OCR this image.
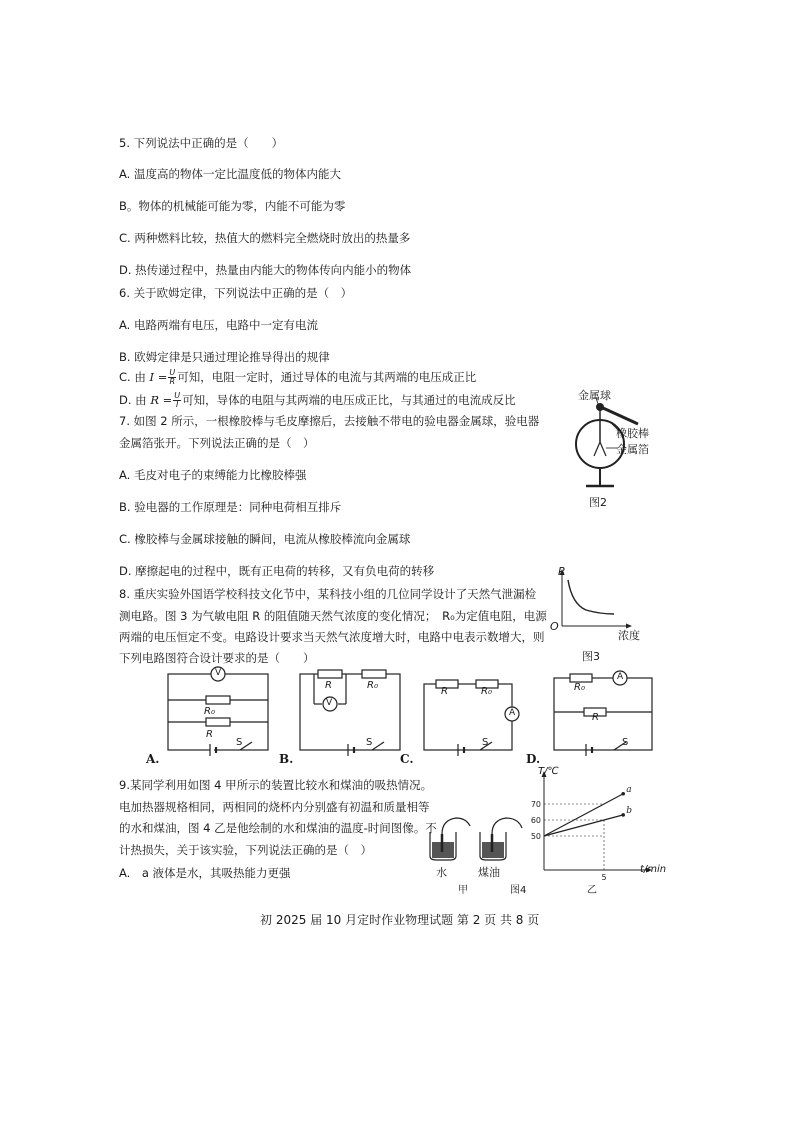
5. 下列说法中正确的是（　　）
A. 温度高的物体一定比温度低的物体内能大
B。物体的机械能可能为零，内能不可能为零
C. 两种燃料比较，热值大的燃料完全燃烧时放出的热量多
D. 热传递过程中，热量由内能大的物体传向内能小的物体
6. 关于欧姆定律，下列说法中正确的是（　）
A. 电路两端有电压，电路中一定有电流
B. 欧姆定律是只通过理论推导得出的规律
C. 由 $I = \frac{U}{R}$ 可知，电阻一定时，通过导体的电流与其两端的电压成正比
D. 由 $R = \frac{U}{I}$ 可知，导体的电阻与其两端的电压成正比，与其通过的电流成反比
7. 如图 2 所示，一根橡胶棒与毛皮摩擦后，去接触不带电的验电器金属球，验电器
金属箔张开。下列说法正确的是（　）
A. 毛皮对电子的束缚能力比橡胶棒强
B. 验电器的工作原理是：同种电荷相互排斥
C. 橡胶棒与金属球接触的瞬间，电流从橡胶棒流向金属球
D. 摩擦起电的过程中，既有正电荷的转移，又有负电荷的转移
金属球
橡胶棒
金属箔
图2
8. 重庆实验外国语学校科技文化节中，某科技小组的几位同学设计了天然气泄漏检
测电路。图 3 为气敏电阻 R 的阻值随天然气浓度的变化情况；　R₀为定值电阻，电源
两端的电压恒定不变。电路设计要求当天然气浓度增大时，电路中电表示数增大，则
下列电路图符合设计要求的是（　　）
R
O
浓度
图3
V
R₀
R
S
A.
R	R₀
V
S
B.
R	R₀
A
S
C.
R₀
A
R
S
D.
9.某同学利用如图 4 甲所示的装置比较水和煤油的吸热情况。
电加热器规格相同，两相同的烧杯内分别盛有初温和质量相等
的水和煤油，图 4 乙是他绘制的水和煤油的温度-时间图像。不
计热损失，关于该实验，下列说法正确的是（　）
A.　a 液体是水，其吸热能力更强	水	煤油
甲	图4
50
60
70
5
a
b
T/℃
t/min
乙
初 2025 届 10 月定时作业物理试题 第 2 页 共 8 页
